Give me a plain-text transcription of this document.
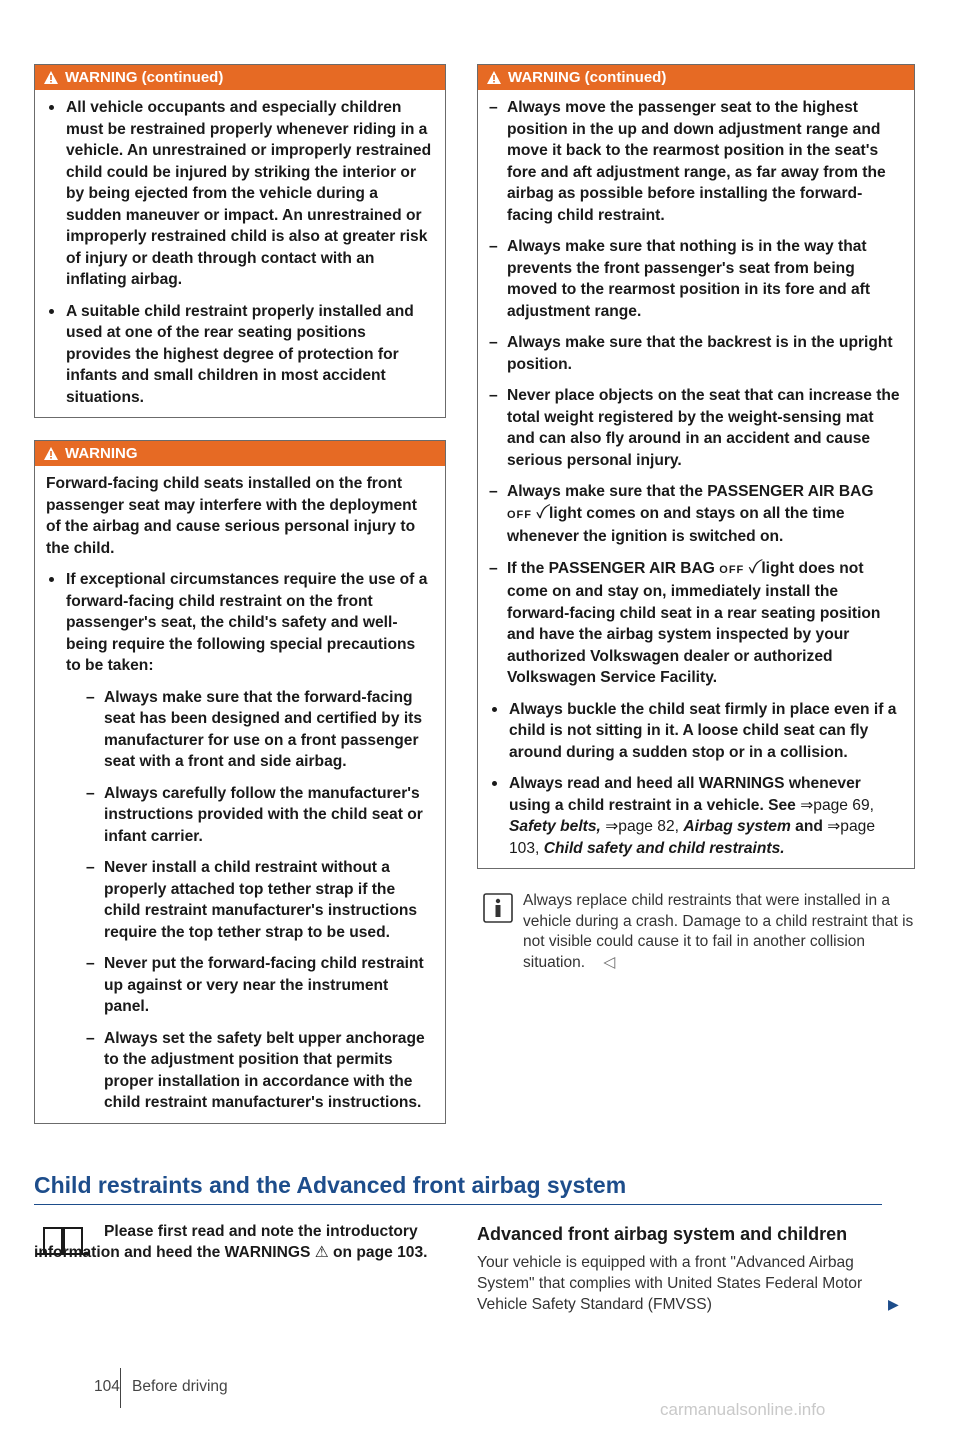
WARNING (continued)
All vehicle occupants and especially children must be restrained properly whenever riding in a vehicle. An unrestrained or improperly restrained child could be injured by striking the interior or by being ejected from the vehicle during a sudden maneuver or impact. An unrestrained or improperly restrained child is also at greater risk of injury or death through contact with an inflating airbag.
A suitable child restraint properly installed and used at one of the rear seating positions provides the highest degree of protection for infants and small children in most accident situations.
WARNING

Forward-facing child seats installed on the front passenger seat may interfere with the deployment of the airbag and cause serious personal injury to the child.

If exceptional circumstances require the use of a forward-facing child restraint on the front passenger's seat, the child's safety and well-being require the following special precautions to be taken:
– Always make sure that the forward-facing seat has been designed and certified by its manufacturer for use on a front passenger seat with a front and side airbag.
– Always carefully follow the manufacturer's instructions provided with the child seat or infant carrier.
– Never install a child restraint without a properly attached top tether strap if the child restraint manufacturer's instructions require the top tether strap to be used.
– Never put the forward-facing child restraint up against or very near the instrument panel.
– Always set the safety belt upper anchorage to the adjustment position that permits proper installation in accordance with the child restraint manufacturer's instructions.
WARNING (continued)
– Always move the passenger seat to the highest position in the up and down adjustment range and move it back to the rearmost position in the seat's fore and aft adjustment range, as far away from the airbag as possible before installing the forward-facing child restraint.
– Always make sure that nothing is in the way that prevents the front passenger's seat from being moved to the rearmost position in its fore and aft adjustment range.
– Always make sure that the backrest is in the upright position.
– Never place objects on the seat that can increase the total weight registered by the weight-sensing mat and can also fly around in an accident and cause serious personal injury.
– Always make sure that the PASSENGER AIR BAG OFF ꪜ light comes on and stays on all the time whenever the ignition is switched on.
– If the PASSENGER AIR BAG OFF ꪜ light does not come on and stay on, immediately install the forward-facing child seat in a rear seating position and have the airbag system inspected by your authorized Volkswagen dealer or authorized Volkswagen Service Facility.
Always buckle the child seat firmly in place even if a child is not sitting in it. A loose child seat can fly around during a sudden stop or in a collision.
Always read and heed all WARNINGS whenever using a child restraint in a vehicle. See ⇒page 69, Safety belts, ⇒page 82, Airbag system and ⇒page 103, Child safety and child restraints.
Always replace child restraints that were installed in a vehicle during a crash. Damage to a child restraint that is not visible could cause it to fail in another collision situation. ◁
Child restraints and the Advanced front airbag system

Please first read and note the introductory information and heed the WARNINGS ⚠ on page 103.

Advanced front airbag system and children
Your vehicle is equipped with a front "Advanced Airbag System" that complies with United States Federal Motor Vehicle Safety Standard (FMVSS)	▶
104 Before driving
carmanualsonline.info
